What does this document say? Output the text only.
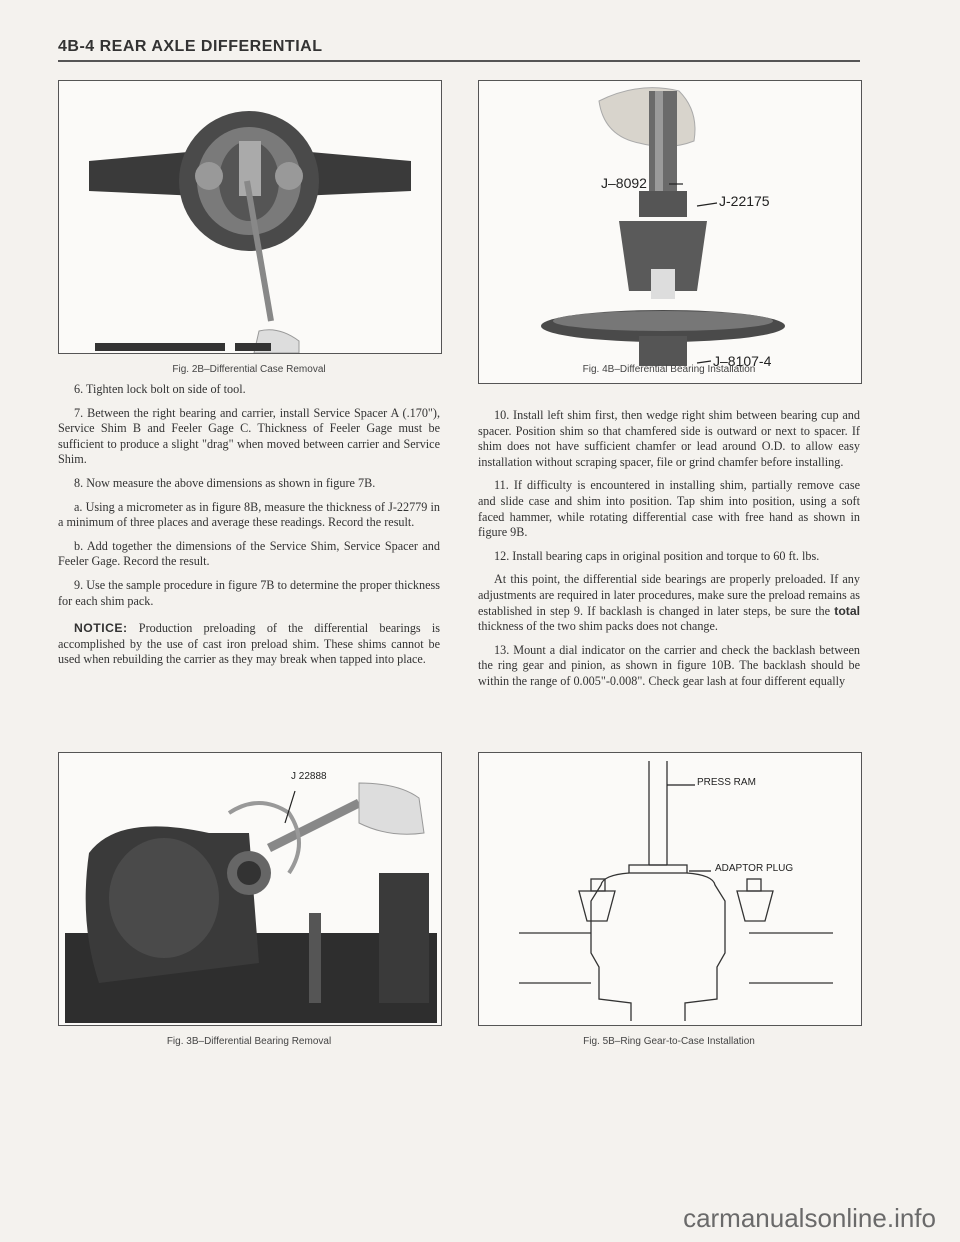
4B-4 REAR AXLE DIFFERENTIAL
Fig. 2B–Differential Case Removal
J–8092
J-22175
J–8107-4
Fig. 4B–Differential Bearing Installation

6. Tighten lock bolt on side of tool.

7. Between the right bearing and carrier, install Service Spacer A (.170"), Service Shim B and Feeler Gage C. Thickness of Feeler Gage must be sufficient to produce a slight "drag" when moved between carrier and Service Shim.

8. Now measure the above dimensions as shown in figure 7B.

a. Using a micrometer as in figure 8B, measure the thickness of J-22779 in a minimum of three places and average these readings. Record the result.

b. Add together the dimensions of the Service Shim, Service Spacer and Feeler Gage. Record the result.

9. Use the sample procedure in figure 7B to determine the proper thickness for each shim pack.

NOTICE: Production preloading of the differential bearings is accomplished by the use of cast iron preload shim. These shims cannot be used when rebuilding the carrier as they may break when tapped into place.

10. Install left shim first, then wedge right shim between bearing cup and spacer. Position shim so that chamfered side is outward or next to spacer. If shim does not have sufficient chamfer or lead around O.D. to allow easy installation without scraping spacer, file or grind chamfer before installing.

11. If difficulty is encountered in installing shim, partially remove case and slide case and shim into position. Tap shim into position, using a soft faced hammer, while rotating differential case with free hand as shown in figure 9B.

12. Install bearing caps in original position and torque to 60 ft. lbs.

At this point, the differential side bearings are properly preloaded. If any adjustments are required in later procedures, make sure the preload remains as established in step 9. If backlash is changed in later steps, be sure the total thickness of the two shim packs does not change.

13. Mount a dial indicator on the carrier and check the backlash between the ring gear and pinion, as shown in figure 10B. The backlash should be within the range of 0.005"-0.008". Check gear lash at four different equally

J 22888
Fig. 3B–Differential Bearing Removal
PRESS RAM
ADAPTOR PLUG
Fig. 5B–Ring Gear-to-Case Installation
carmanualsonline.info
